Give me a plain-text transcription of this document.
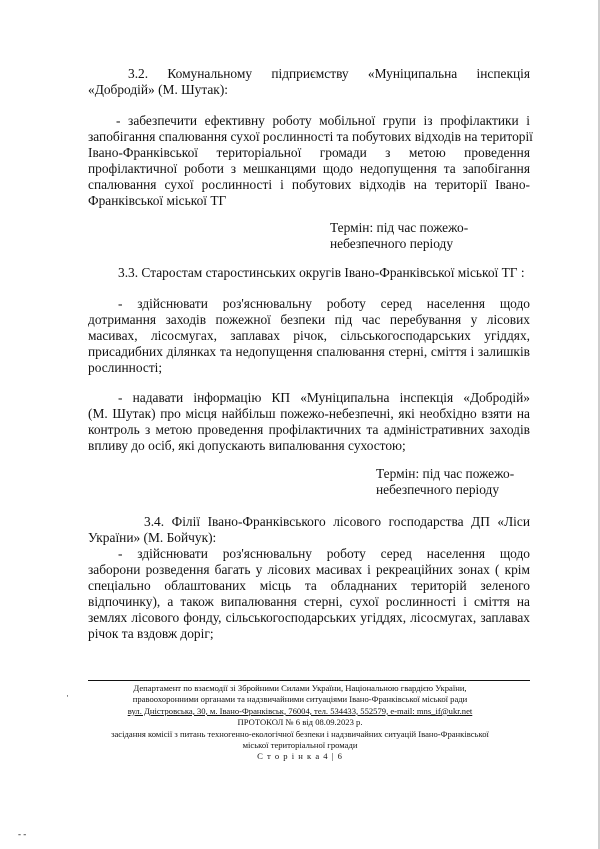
3.2. Комунальному підприємству «Муніципальна інспекція
«Добродій» (М. Шутак):
- забезпечити ефективну роботу мобільної групи із профілактики і
запобігання спалювання сухої рослинності та побутових відходів на території
Івано-Франківської територіальної громади з метою проведення
профілактичної роботи з мешканцями щодо недопущення та запобігання
спалювання сухої рослинності і побутових відходів на території Івано-
Франківської міської ТГ
Термін: під час пожежо-
небезпечного періоду
3.3. Старостам старостинських округів Івано-Франківської міської ТГ :
- здійснювати роз'яснювальну роботу серед населення щодо
дотримання заходів пожежної безпеки під час перебування у лісових
масивах, лісосмугах, заплавах річок, сільськогосподарських угіддях,
присадибних ділянках та недопущення спалювання стерні, сміття і залишків
рослинності;
- надавати інформацію КП «Муніципальна інспекція «Добродій»
(М. Шутак) про місця найбільш пожежо-небезпечні, які необхідно взяти на
контроль з метою проведення профілактичних та адміністративних заходів
впливу до осіб, які допускають випалювання сухостою;
Термін: під час пожежо-
небезпечного періоду
3.4. Філії Івано-Франківського лісового господарства ДП «Ліси
України» (М. Бойчук):
- здійснювати роз'яснювальну роботу серед населення щодо
заборони розведення багать у лісових масивах і рекреаційних зонах ( крім
спеціально облаштованих місць та обладнаних територій зеленого
відпочинку), а також випалювання стерні, сухої рослинності і сміття на
землях лісового фонду, сільськогосподарських угіддях, лісосмугах, заплавах
річок та вздовж доріг;
Департамент по взаємодії зі Збройними Силами України, Національною гвардією України,
правоохоронними органами та надзвичайними ситуаціями Івано-Франківської міської ради
вул. Дністровська, 30, м. Івано-Франківськ, 76004, тел. 534433, 552579, e-mail: mns_if@ukr.net
ПРОТОКОЛ № 6 від 08.09.2023 р.
засідання комісії з питань техногенно-екологічної безпеки і надзвичайних ситуацій Івано-Франківської
міської територіальної громади
С т о р і н к а 4 | 6
·
- -
